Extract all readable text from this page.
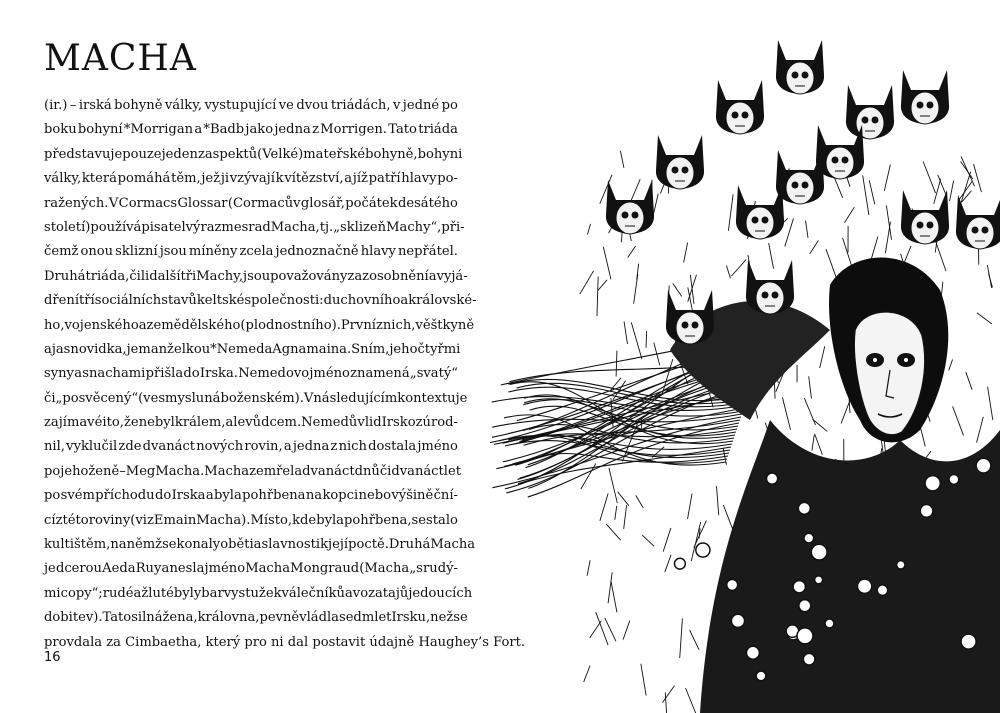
MACHA
(ir.) – irská bohyně války, vystupující ve dvou triádách, v jedné po
boku bohyní *Morrigan a *Badb jako jedna z Morrigen. Tato triáda
představuje pouze jeden z aspektů (Velké) mateřské bohyně, bohyni
války, která pomáhá těm, jež ji vzývají k vítězství, a jíž patří hlavy po-
ražených. V Cormacs Glossar (Cormacův glosář, počátek desátého
století) používá pisatel výraz mesrad Macha, tj. „sklizeň Machy“, při-
čemž onou sklizní jsou míněny zcela jednoznačně hlavy nepřátel.
Druhá triáda, čili další tři Machy, jsou považovány za zosobnění a vyjá-
dření tří sociálních stavů keltské společnosti: duchovního a královské-
ho, vojenského a zemědělského (plodnostního). První z nich, věštkyně
a jasnovidka, je manželkou *Nemeda Agnamaina. S ním, jeho čtyřmi
syny a snachami přišla do Irska. Nemedovo jméno znamená „svatý“
či „posvěcený“ (ve smyslu náboženském). V následujícím kontextu je
zajímavé i to, že nebyl králem, ale vůdcem. Nemedův lid Irsko zúrod-
nil, vyklučil zde dvanáct nových rovin, a jedna z nich dostala jméno
po jeho ženě – Meg Macha. Macha zemřela dvanáct dnů či dvanáct let
po svém příchodu do Irska a byla pohřbena na kopci nebo výšině ční-
cí z této roviny (viz Emain Macha). Místo, kde byla pohřbena, se stalo
kultištěm, na němž se konaly oběti a slavnosti k její poctě. Druhá Macha
je dcerou Aeda Ruy a nesla jméno Macha Mongraud (Macha „s rudý-
mi copy“; rudé a žluté byly barvy stužek válečníků a vozatajů jedoucích
do bitev). Tato silná žena, královna, pevně vládla sedm let Irsku, než se
provdala za Cimbaetha, který pro ni dal postavit údajně Haughey’s Fort.
16
